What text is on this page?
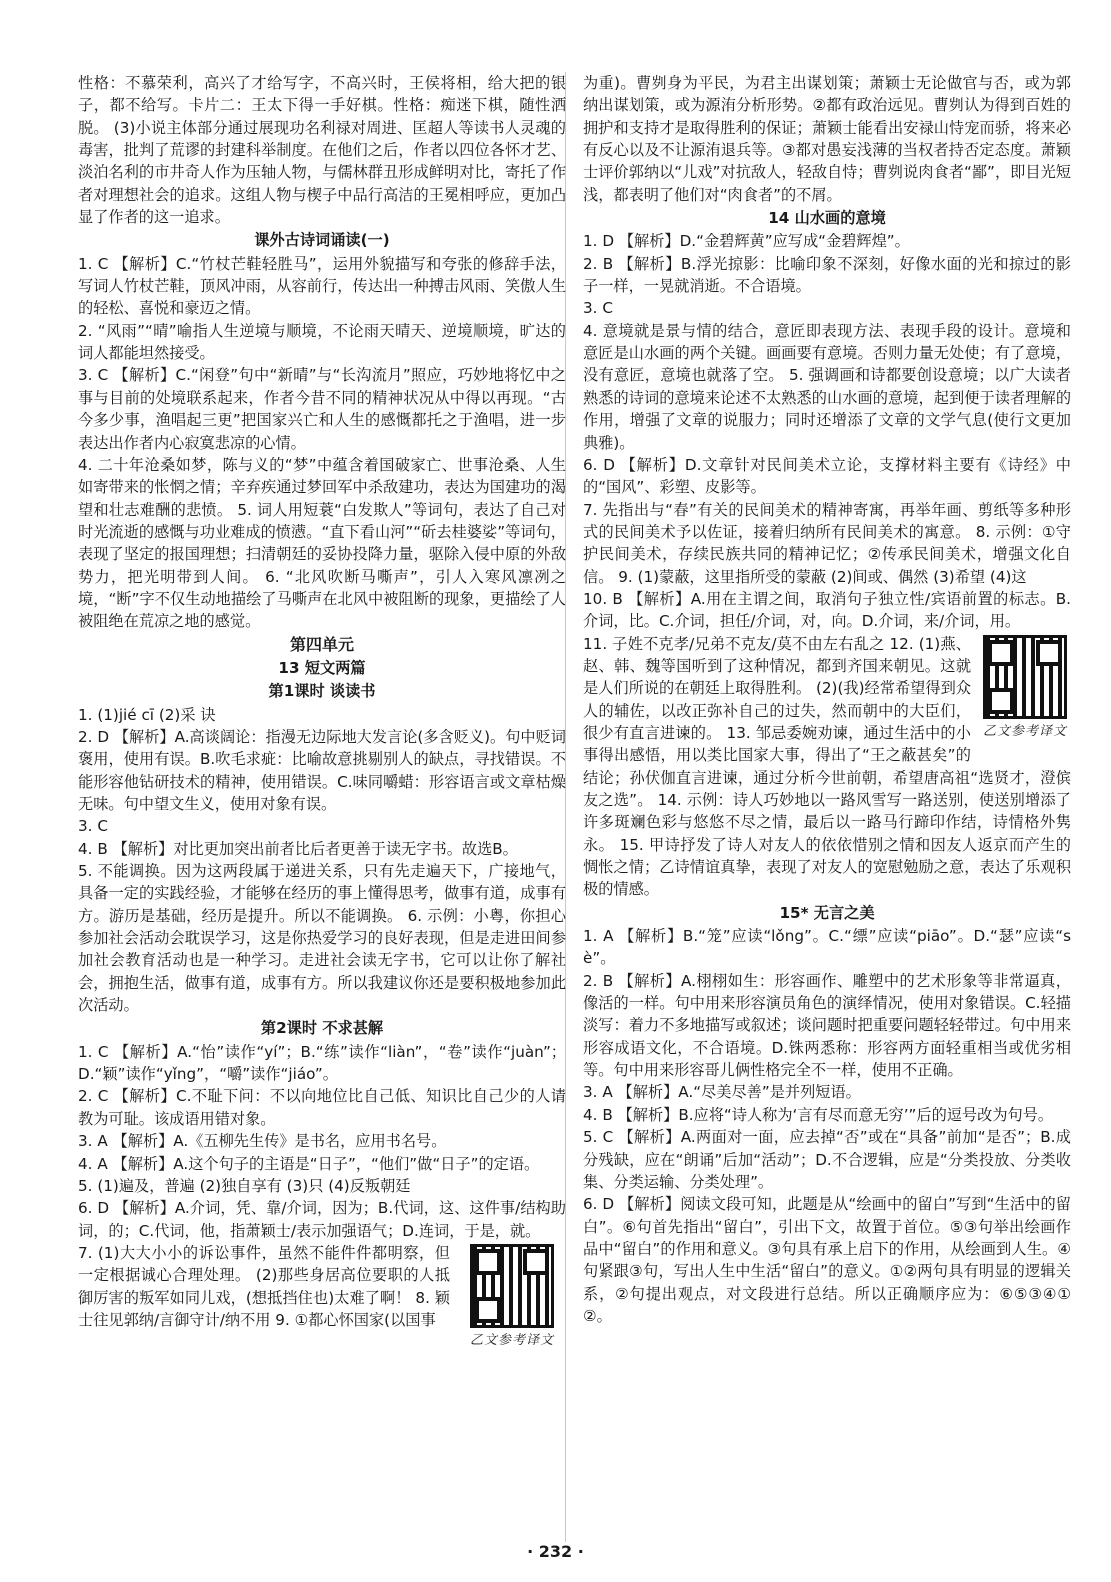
性格：不慕荣利，高兴了才给写字，不高兴时，王侯将相，给大把的银子，都不给写。卡片二：王太下得一手好棋。性格：痴迷下棋，随性洒脱。 (3)小说主体部分通过展现功名利禄对周进、匡超人等读书人灵魂的毒害，批判了荒谬的封建科举制度。在他们之后，作者以四位各怀才艺、淡泊名利的市井奇人作为压轴人物，与儒林群丑形成鲜明对比，寄托了作者对理想社会的追求。这组人物与楔子中品行高洁的王冕相呼应，更加凸显了作者的这一追求。

课外古诗词诵读(一)

1. C 【解析】C.“竹杖芒鞋轻胜马”，运用外貌描写和夸张的修辞手法，写词人竹杖芒鞋，顶风冲雨，从容前行，传达出一种搏击风雨、笑傲人生的轻松、喜悦和豪迈之情。

2. “风雨”“晴”喻指人生逆境与顺境，不论雨天晴天、逆境顺境，旷达的词人都能坦然接受。

3. C 【解析】C.“闲登”句中“新晴”与“长沟流月”照应，巧妙地将忆中之事与目前的处境联系起来，作者今昔不同的精神状况从中得以再现。“古今多少事，渔唱起三更”把国家兴亡和人生的感慨都托之于渔唱，进一步表达出作者内心寂寞悲凉的心情。

4. 二十年沧桑如梦，陈与义的“梦”中蕴含着国破家亡、世事沧桑、人生如寄带来的怅惘之情；辛弃疾通过梦回军中杀敌建功，表达为国建功的渴望和壮志难酬的悲愤。 5. 词人用短蓑“白发欺人”等词句，表达了自己对时光流逝的感慨与功业难成的愤懑。“直下看山河”“斫去桂婆娑”等词句，表现了坚定的报国理想；扫清朝廷的妥协投降力量，驱除入侵中原的外敌势力，把光明带到人间。 6. “北风吹断马嘶声”，引人入寒风凛冽之境，“断”字不仅生动地描绘了马嘶声在北风中被阻断的现象，更描绘了人被阻绝在荒凉之地的感觉。

第四单元
13 短文两篇
第1课时 谈读书

1. (1)jié cī (2)采 诀

2. D 【解析】A.高谈阔论：指漫无边际地大发言论(多含贬义)。句中贬词褒用，使用有误。B.吹毛求疵：比喻故意挑剔别人的缺点，寻找错误。不能形容他钻研技术的精神，使用错误。C.味同嚼蜡：形容语言或文章枯燥无味。句中望文生义，使用对象有误。

3. C

4. B 【解析】对比更加突出前者比后者更善于读无字书。故选B。

5. 不能调换。因为这两段属于递进关系，只有先走遍天下，广接地气，具备一定的实践经验，才能够在经历的事上懂得思考，做事有道，成事有方。游历是基础，经历是提升。所以不能调换。 6. 示例：小粤，你担心参加社会活动会耽误学习，这是你热爱学习的良好表现，但是走进田间参加社会教育活动也是一种学习。走进社会读无字书，它可以让你了解社会，拥抱生活，做事有道，成事有方。所以我建议你还是要积极地参加此次活动。

第2课时 不求甚解

1. C 【解析】A.“怡”读作“yí”；B.“练”读作“liàn”，“卷”读作“juàn”；D.“颖”读作“yǐng”，“嚼”读作“jiáo”。

2. C 【解析】C.不耻下问：不以向地位比自己低、知识比自己少的人请教为可耻。该成语用错对象。

3. A 【解析】A.《五柳先生传》是书名，应用书名号。

4. A 【解析】A.这个句子的主语是“日子”，“他们”做“日子”的定语。

5. (1)遍及，普遍 (2)独自享有 (3)只 (4)反叛朝廷

6. D 【解析】A.介词，凭、靠/介词，因为；B.代词，这、这件事/结构助词，的；C.代词，他，指萧颖士/表示加强语气；D.连词，于是，就。

乙文参考译文

7. (1)大大小小的诉讼事件，虽然不能件件都明察，但一定根据诚心合理处理。 (2)那些身居高位要职的人抵御厉害的叛军如同儿戏，(想抵挡住也)太难了啊！ 8. 颖士往见郭纳/言御守计/纳不用 9. ①都心怀国家(以国事

为重)。曹刿身为平民，为君主出谋划策；萧颖士无论做官与否，或为郭纳出谋划策，或为源洧分析形势。②都有政治远见。曹刿认为得到百姓的拥护和支持才是取得胜利的保证；萧颖士能看出安禄山恃宠而骄，将来必有反心以及不让源洧退兵等。③都对愚妄浅薄的当权者持否定态度。萧颖士评价郭纳以“儿戏”对抗敌人，轻敌自恃；曹刿说肉食者“鄙”，即目光短浅，都表明了他们对“肉食者”的不屑。

14 山水画的意境

1. D 【解析】D.“金碧辉黄”应写成“金碧辉煌”。

2. B 【解析】B.浮光掠影：比喻印象不深刻，好像水面的光和掠过的影子一样，一晃就消逝。不合语境。

3. C

4. 意境就是景与情的结合，意匠即表现方法、表现手段的设计。意境和意匠是山水画的两个关键。画画要有意境。否则力量无处使；有了意境，没有意匠，意境也就落了空。 5. 强调画和诗都要创设意境；以广大读者熟悉的诗词的意境来论述不太熟悉的山水画的意境，起到便于读者理解的作用，增强了文章的说服力；同时还增添了文章的文学气息(使行文更加典雅)。

6. D 【解析】D.文章针对民间美术立论，支撑材料主要有《诗经》中的“国风”、彩塑、皮影等。

7. 先指出与“春”有关的民间美术的精神寄寓，再举年画、剪纸等多种形式的民间美术予以佐证，接着归纳所有民间美术的寓意。 8. 示例：①守护民间美术，存续民族共同的精神记忆；②传承民间美术，增强文化自信。 9. (1)蒙蔽，这里指所受的蒙蔽 (2)间或、偶然 (3)希望 (4)这

10. B 【解析】A.用在主谓之间，取消句子独立性/宾语前置的标志。B.介词，比。C.介词，担任/介词，对，向。D.介词，来/介词，用。

乙文参考译文

11. 子姓不克孝/兄弟不克友/莫不由左右乱之 12. (1)燕、赵、韩、魏等国听到了这种情况，都到齐国来朝见。这就是人们所说的在朝廷上取得胜利。 (2)(我)经常希望得到众人的辅佐，以改正弥补自己的过失，然而朝中的大臣们，很少有直言进谏的。 13. 邹忌委婉劝谏，通过生活中的小事得出感悟，用以类比国家大事，得出了“王之蔽甚矣”的结论；孙伏伽直言进谏，通过分析今世前朝，希望唐高祖“选贤才，澄傧友之选”。 14. 示例：诗人巧妙地以一路风雪写一路送别，使送别增添了许多斑斓色彩与悠悠不尽之情，最后以一路马行蹄印作结，诗情格外隽永。 15. 甲诗抒发了诗人对友人的依依惜别之情和因友人返京而产生的惆怅之情；乙诗情谊真挚，表现了对友人的宽慰勉励之意，表达了乐观积极的情感。

15* 无言之美

1. A 【解析】B.“笼”应读“lǒng”。C.“缥”应读“piāo”。D.“瑟”应读“sè”。

2. B 【解析】A.栩栩如生：形容画作、雕塑中的艺术形象等非常逼真，像活的一样。句中用来形容演员角色的演绎情况，使用对象错误。C.轻描淡写：着力不多地描写或叙述；谈问题时把重要问题轻轻带过。句中用来形容成语文化，不合语境。D.铢两悉称：形容两方面轻重相当或优劣相等。句中用来形容哥儿俩性格完全不一样，使用不正确。

3. A 【解析】A.“尽美尽善”是并列短语。

4. B 【解析】B.应将“诗人称为‘言有尽而意无穷’”后的逗号改为句号。

5. C 【解析】A.两面对一面，应去掉“否”或在“具备”前加“是否”；B.成分残缺，应在“朗诵”后加“活动”；D.不合逻辑，应是“分类投放、分类收集、分类运输、分类处理”。

6. D 【解析】阅读文段可知，此题是从“绘画中的留白”写到“生活中的留白”。⑥句首先指出“留白”，引出下文，故置于首位。⑤③句举出绘画作品中“留白”的作用和意义。③句具有承上启下的作用，从绘画到人生。④句紧跟③句，写出人生中生活“留白”的意义。①②两句具有明显的逻辑关系，②句提出观点，对文段进行总结。所以正确顺序应为：⑥⑤③④①②。

· 232 ·
